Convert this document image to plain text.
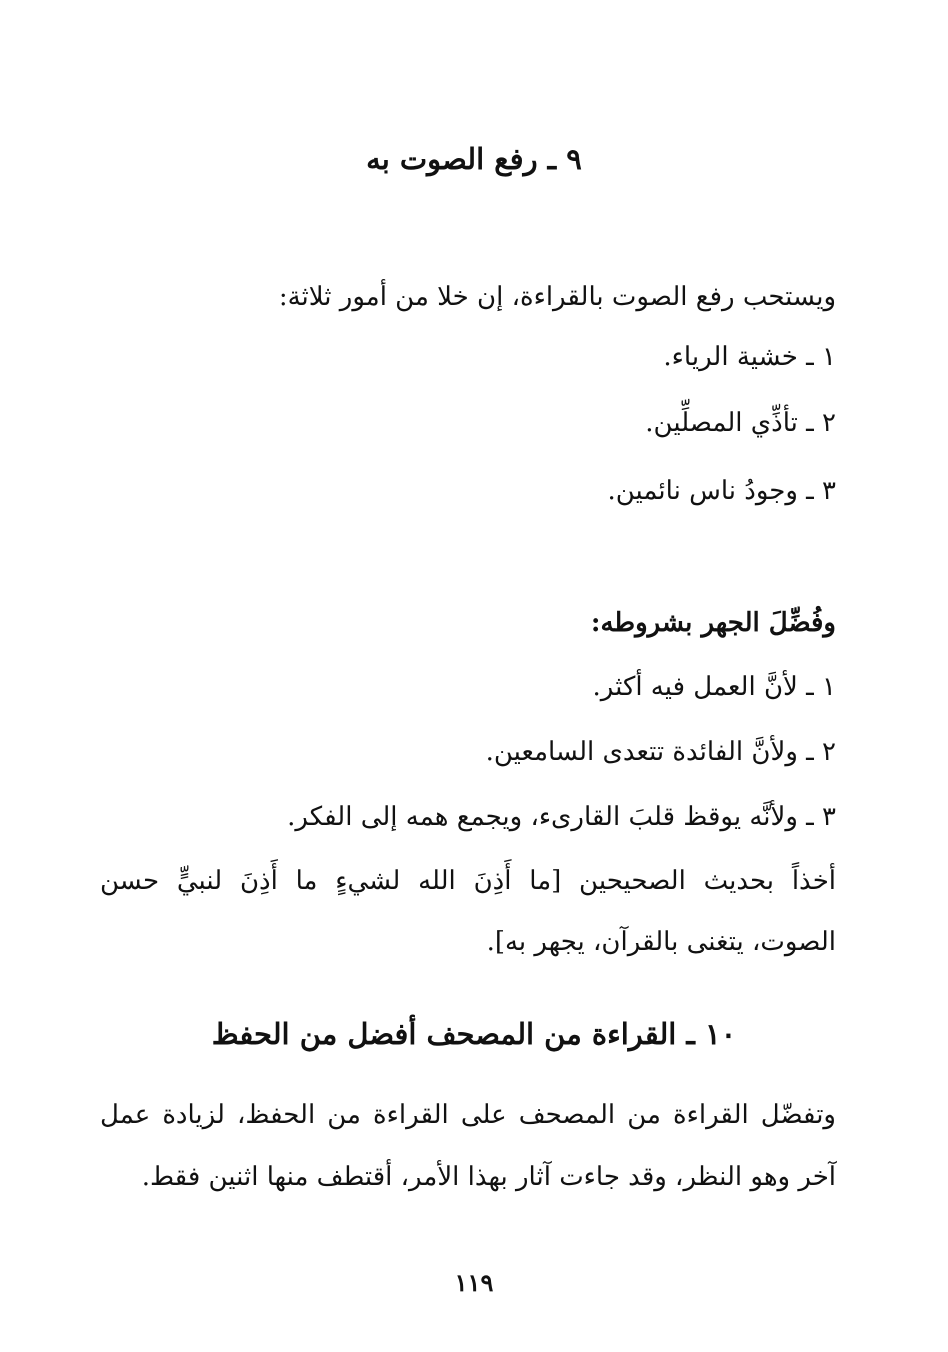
٩ ـ رفع الصوت به
ويستحب رفع الصوت بالقراءة، إن خلا من أمور ثلاثة:
١ ـ خشية الرياء.
٢ ـ تأذِّي المصلِّين.
٣ ـ وجودُ ناس نائمين.
وفُضِّلَ الجهر بشروطه:
١ ـ لأنَّ العمل فيه أكثر.
٢ ـ ولأنَّ الفائدة تتعدى السامعين.
٣ ـ ولأنَّه يوقظ قلبَ القارىء، ويجمع همه إلى الفكر.
أخذاً بحديث الصحيحين [ما أَذِنَ الله لشيءٍ ما أَذِنَ لنبيٍّ حسن
الصوت، يتغنى بالقرآن، يجهر به].
١٠ ـ القراءة من المصحف أفضل من الحفظ
وتفضّل القراءة من المصحف على القراءة من الحفظ، لزيادة عمل
آخر وهو النظر، وقد جاءت آثار بهذا الأمر، أقتطف منها اثنين فقط.
١١٩
